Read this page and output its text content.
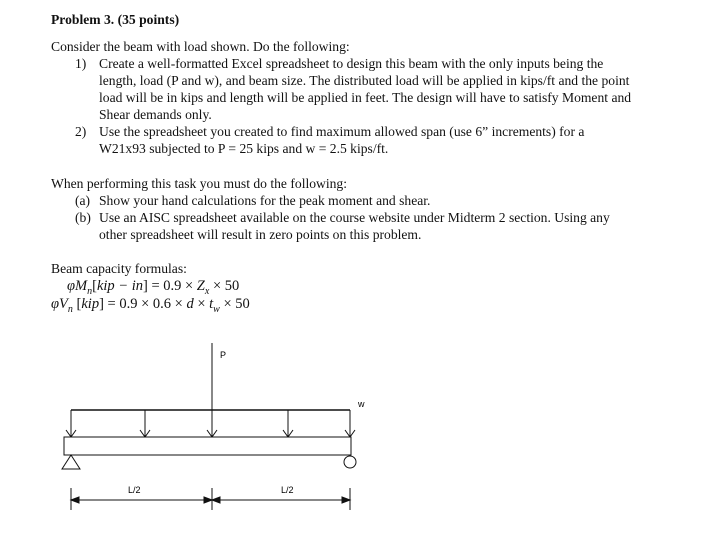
Problem 3. (35 points)
Consider the beam with load shown. Do the following:
1) Create a well-formatted Excel spreadsheet to design this beam with the only inputs being the
length, load (P and w), and beam size. The distributed load will be applied in kips/ft and the point
load will be in kips and length will be applied in feet. The design will have to satisfy Moment and
Shear demands only.
2) Use the spreadsheet you created to find maximum allowed span (use 6” increments) for a
W21x93 subjected to P = 25 kips and w = 2.5 kips/ft.
When performing this task you must do the following:
(a) Show your hand calculations for the peak moment and shear.
(b) Use an AISC spreadsheet available on the course website under Midterm 2 section. Using any
other spreadsheet will result in zero points on this problem.
Beam capacity formulas:
$\varphi M_n[kip - in] = 0.9 \times Z_x \times 50$
$\varphi V_n$ $[kip] = 0.9 \times 0.6 \times d \times t_w \times 50$
P
w
L/2	L/2
